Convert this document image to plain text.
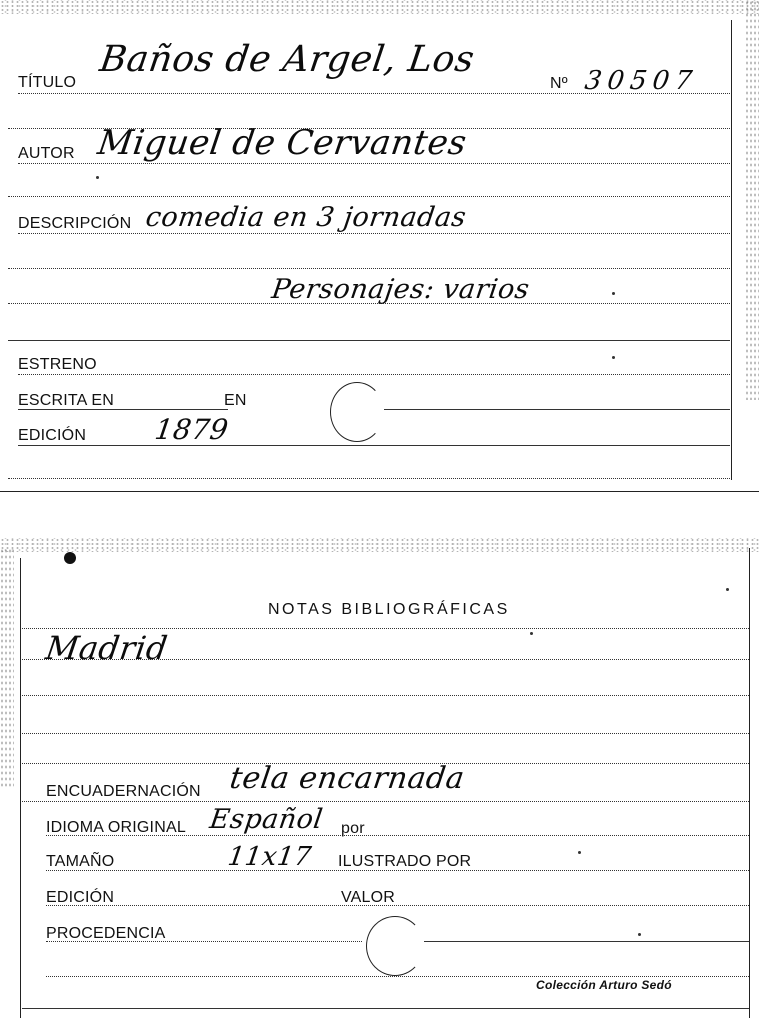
TÍTULO
Baños de Argel, Los
Nº 30507
AUTOR Miguel de Cervantes
DESCRIPCIÓN comedia en 3 jornadas
Personajes: varios
ESTRENO
ESCRITA EN	EN
EDICIÓN 1879
NOTAS BIBLIOGRÁFICAS
Madrid
ENCUADERNACIÓN tela encarnada
IDIOMA ORIGINAL Español por
TAMAÑO	11x17 ILUSTRADO POR
EDICIÓN	VALOR
PROCEDENCIA
Colección Arturo Sedó
